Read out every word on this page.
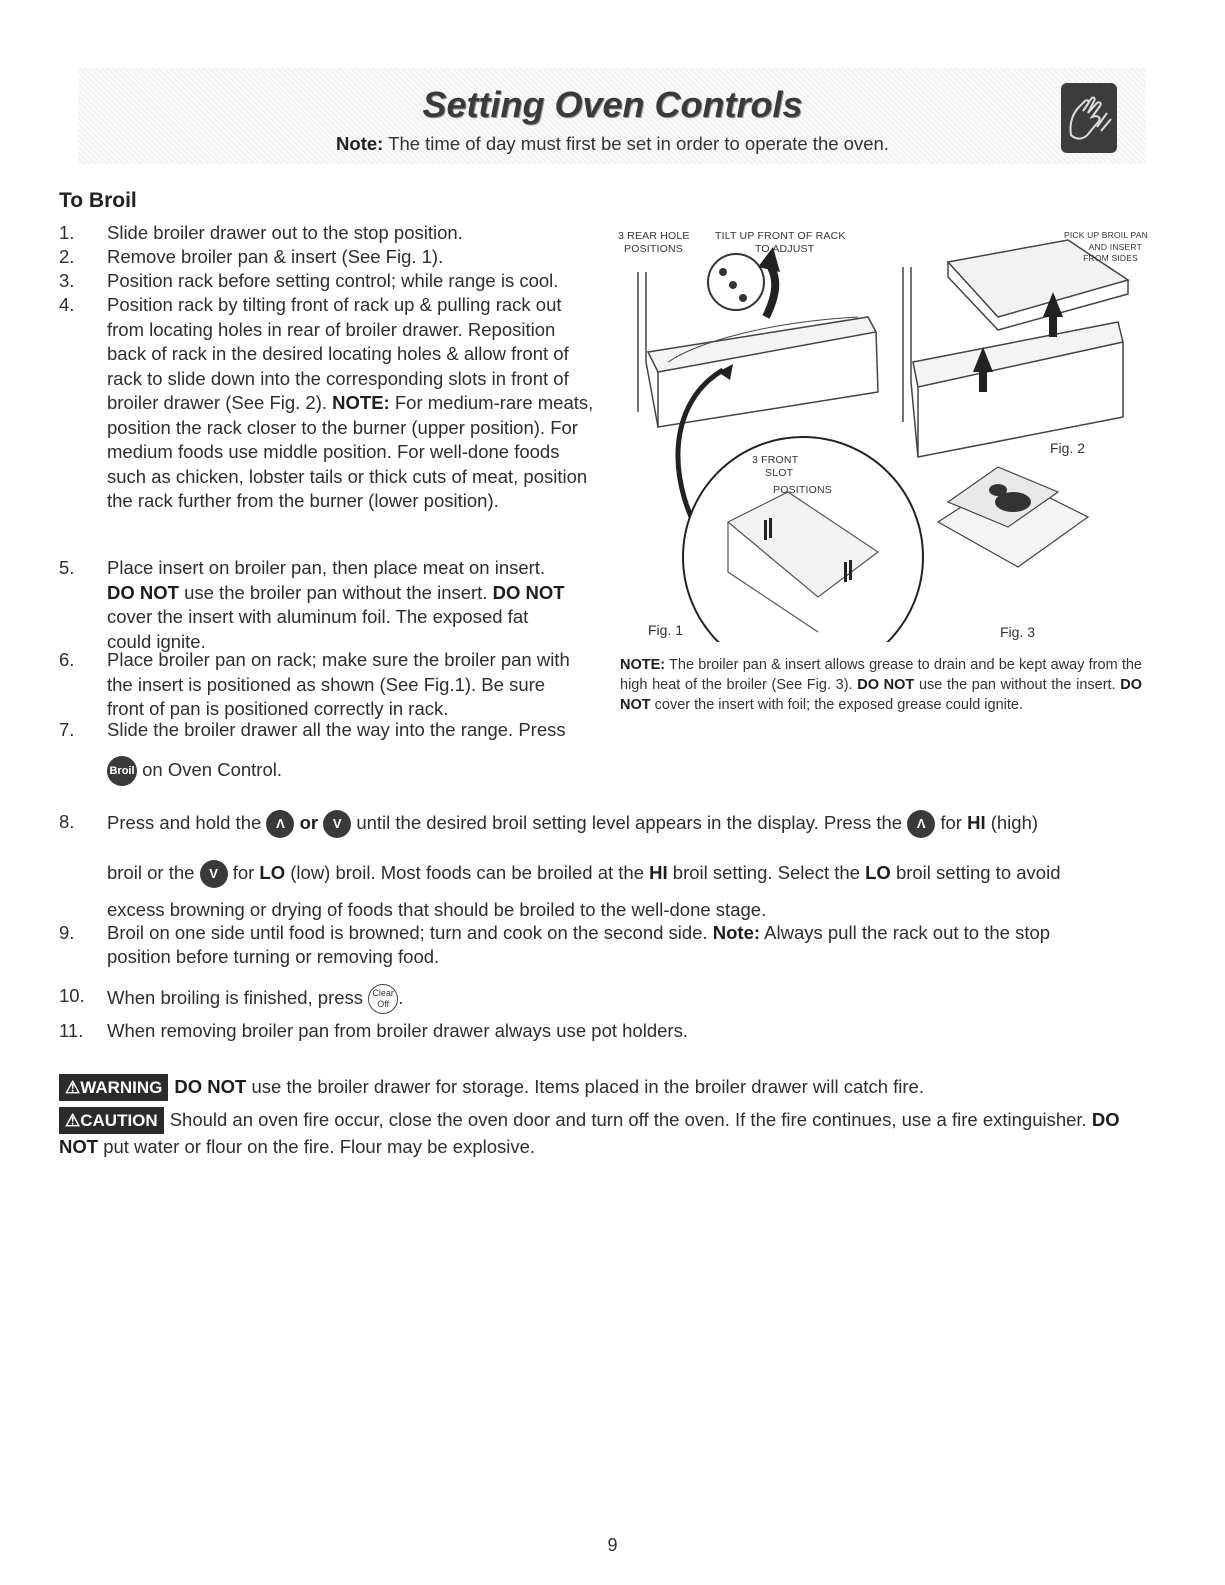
Setting Oven Controls
Note: The time of day must first be set in order to operate the oven.
To Broil
1. Slide broiler drawer out to the stop position.
2. Remove broiler pan & insert (See Fig. 1).
3. Position rack before setting control; while range is cool.
4. Position rack by tilting front of rack up & pulling rack out from locating holes in rear of broiler drawer. Reposition back of rack in the desired locating holes & allow front of rack to slide down into the corresponding slots in front of broiler drawer (See Fig. 2). NOTE: For medium-rare meats, position the rack closer to the burner (upper position). For medium foods use middle position. For well-done foods such as chicken, lobster tails or thick cuts of meat, position the rack further from the burner (lower position).
5. Place insert on broiler pan, then place meat on insert. DO NOT use the broiler pan without the insert. DO NOT cover the insert with aluminum foil. The exposed fat could ignite.
6. Place broiler pan on rack; make sure the broiler pan with the insert is positioned as shown (See Fig.1). Be sure front of pan is positioned correctly in rack.
7. Slide the broiler drawer all the way into the range. Press
Broil on Oven Control.
3 REAR HOLE
POSITIONS
TILT UP FRONT OF RACK
TO ADJUST
PICK UP BROIL PAN
AND INSERT
FROM SIDES
3 FRONT
SLOT
POSITIONS
Fig. 2
Fig. 1	Fig. 3
NOTE: The broiler pan & insert allows grease to drain and be kept away from the high heat of the broiler (See Fig. 3). DO NOT use the pan without the insert. DO NOT cover the insert with foil; the exposed grease could ignite.
8. Press and hold the Λ or V until the desired broil setting level appears in the display. Press the Λ for HI (high)
broil or the V for LO (low) broil. Most foods can be broiled at the HI broil setting. Select the LO broil setting to avoid
excess browning or drying of foods that should be broiled to the well-done stage.
9. Broil on one side until food is browned; turn and cook on the second side. Note: Always pull the rack out to the stop
position before turning or removing food.
10. When broiling is finished, press Clear
Off .
11. When removing broiler pan from broiler drawer always use pot holders.
⚠WARNING DO NOT use the broiler drawer for storage. Items placed in the broiler drawer will catch fire.
⚠CAUTION Should an oven fire occur, close the oven door and turn off the oven. If the fire continues, use a fire extinguisher. DO NOT put water or flour on the fire. Flour may be explosive.
9
